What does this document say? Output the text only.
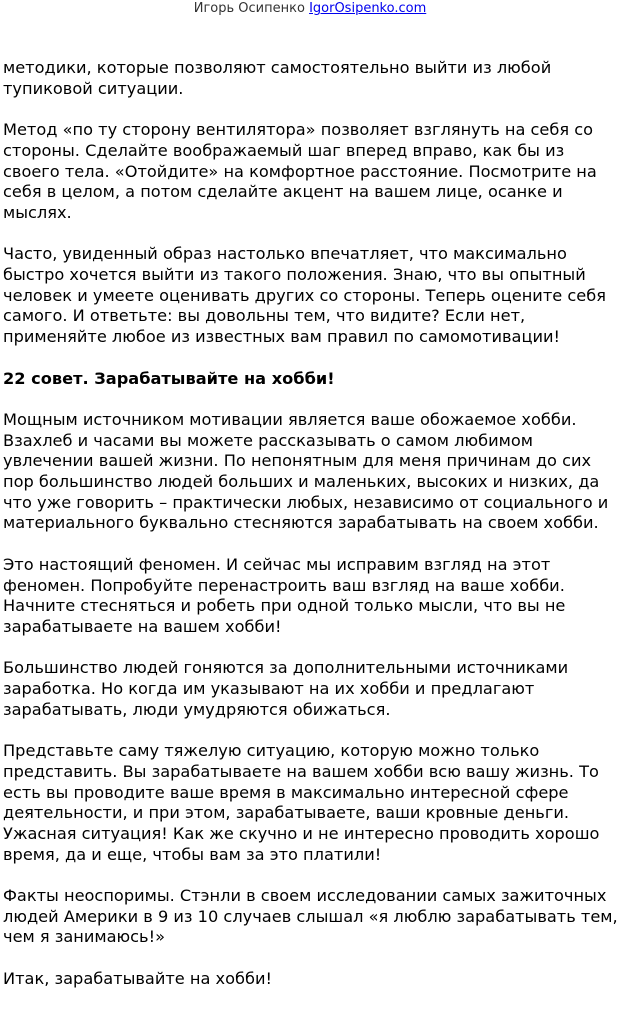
Игорь Осипенко IgorOsipenko.com

методики, которые позволяют самостоятельно выйти из любой
тупиковой ситуации.

Метод «по ту сторону вентилятора» позволяет взглянуть на себя со
стороны. Сделайте воображаемый шаг вперед вправо, как бы из
своего тела. «Отойдите» на комфортное расстояние. Посмотрите на
себя в целом, а потом сделайте акцент на вашем лице, осанке и
мыслях.

Часто, увиденный образ настолько впечатляет, что максимально
быстро хочется выйти из такого положения. Знаю, что вы опытный
человек и умеете оценивать других со стороны. Теперь оцените себя
самого. И ответьте: вы довольны тем, что видите? Если нет,
применяйте любое из известных вам правил по самомотивации!

22 совет. Зарабатывайте на хобби!

Мощным источником мотивации является ваше обожаемое хобби.
Взахлеб и часами вы можете рассказывать о самом любимом
увлечении вашей жизни. По непонятным для меня причинам до сих
пор большинство людей больших и маленьких, высоких и низких, да
что уже говорить – практически любых, независимо от социального и
материального буквально стесняются зарабатывать на своем хобби.

Это настоящий феномен. И сейчас мы исправим взгляд на этот
феномен. Попробуйте перенастроить ваш взгляд на ваше хобби.
Начните стесняться и робеть при одной только мысли, что вы не
зарабатываете на вашем хобби!

Большинство людей гоняются за дополнительными источниками
заработка. Но когда им указывают на их хобби и предлагают
зарабатывать, люди умудряются обижаться.

Представьте саму тяжелую ситуацию, которую можно только
представить. Вы зарабатываете на вашем хобби всю вашу жизнь. То
есть вы проводите ваше время в максимально интересной сфере
деятельности, и при этом, зарабатываете, ваши кровные деньги.
Ужасная ситуация! Как же скучно и не интересно проводить хорошо
время, да и еще, чтобы вам за это платили!

Факты неоспоримы. Стэнли в своем исследовании самых зажиточных
людей Америки в 9 из 10 случаев слышал «я люблю зарабатывать тем,
чем я занимаюсь!»

Итак, зарабатывайте на хобби!
